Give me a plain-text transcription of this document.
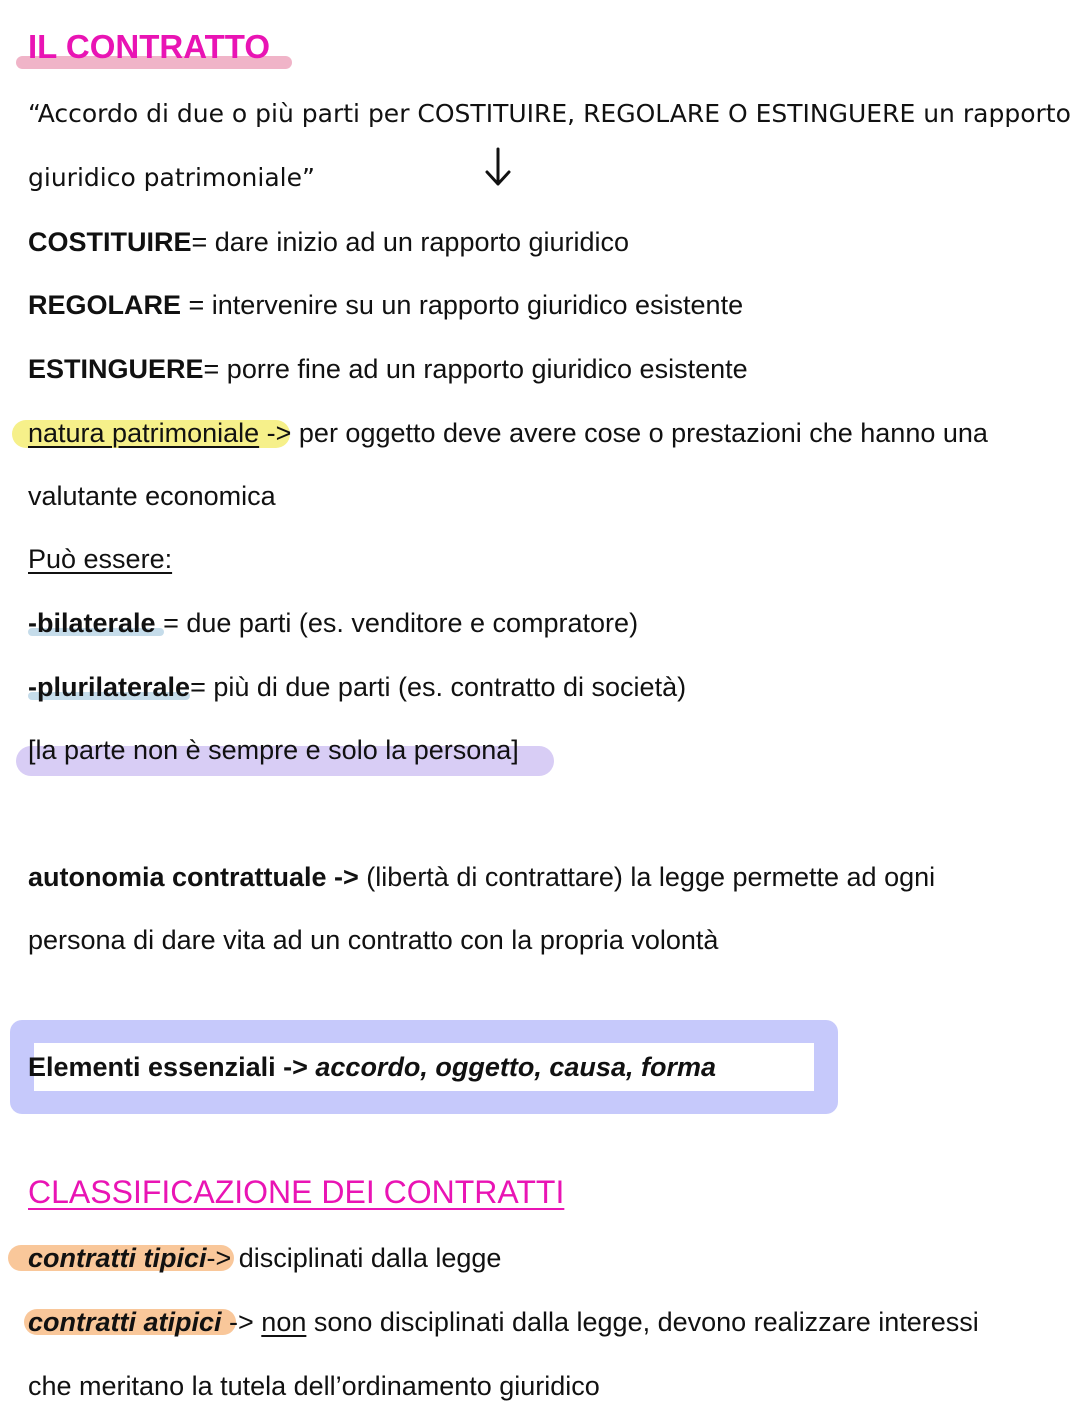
IL CONTRATTO
“Accordo di due o più parti per COSTITUIRE, REGOLARE O ESTINGUERE un rapporto
giuridico patrimoniale”
COSTITUIRE= dare inizio ad un rapporto giuridico
REGOLARE = intervenire su un rapporto giuridico esistente
ESTINGUERE= porre fine ad un rapporto giuridico esistente
natura patrimoniale -> per oggetto deve avere cose o prestazioni che hanno una
valutante economica
Può essere:
-bilaterale = due parti (es. venditore e compratore)
-plurilaterale= più di due parti (es. contratto di società)
[la parte non è sempre e solo la persona]
autonomia contrattuale -> (libertà di contrattare) la legge permette ad ogni
persona di dare vita ad un contratto con la propria volontà
Elementi essenziali -> accordo, oggetto, causa, forma
CLASSIFICAZIONE DEI CONTRATTI
contratti tipici-> disciplinati dalla legge
contratti atipici -> non sono disciplinati dalla legge, devono realizzare interessi
che meritano la tutela dell’ordinamento giuridico
